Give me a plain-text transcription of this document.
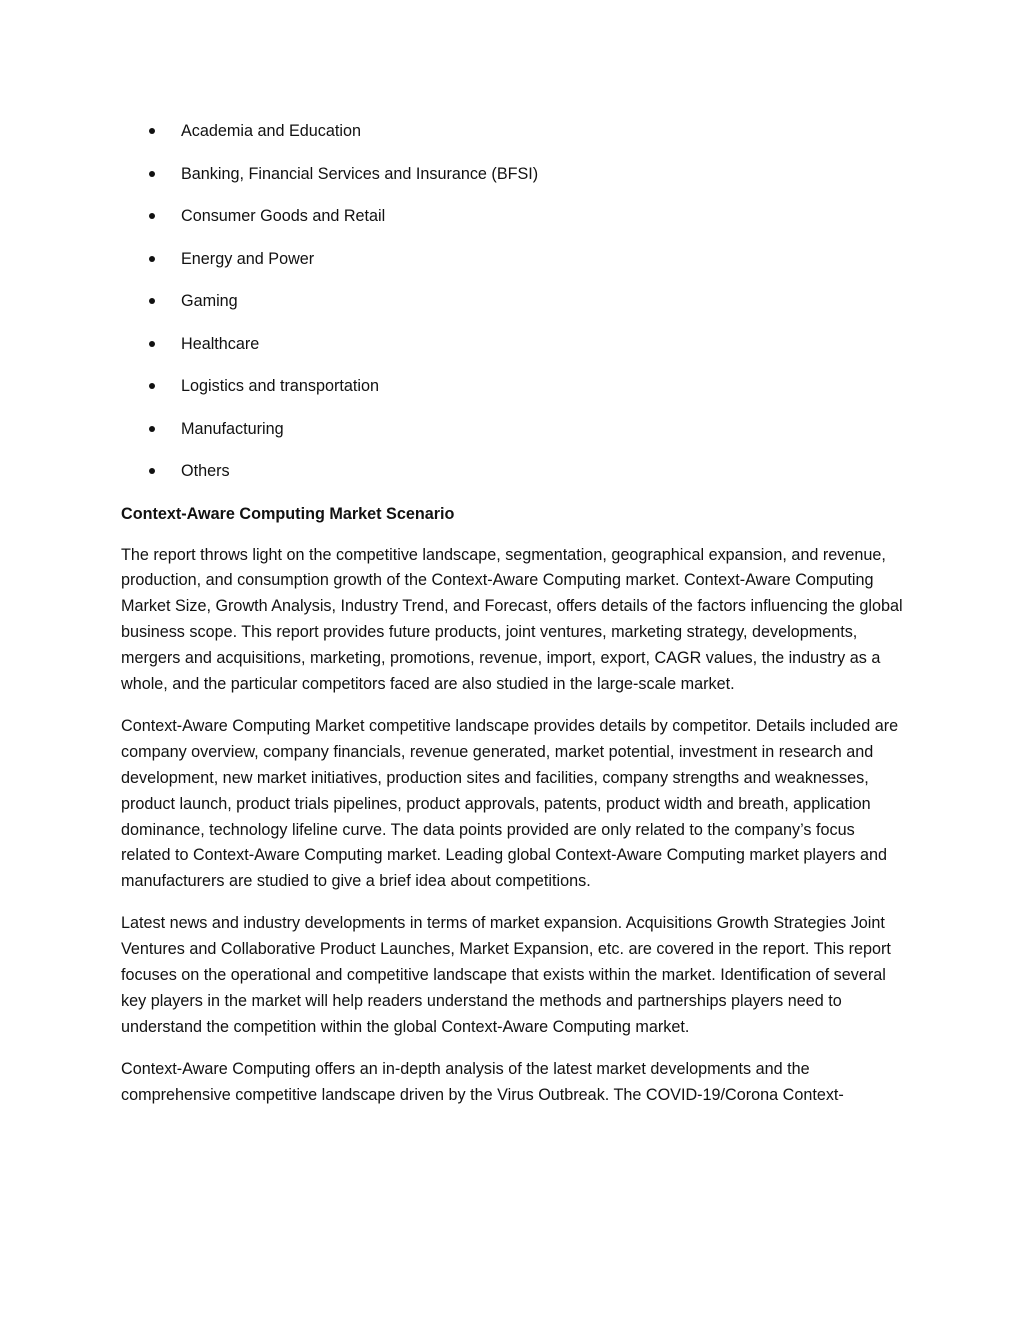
Academia and Education
Banking, Financial Services and Insurance (BFSI)
Consumer Goods and Retail
Energy and Power
Gaming
Healthcare
Logistics and transportation
Manufacturing
Others
Context-Aware Computing Market Scenario

The report throws light on the competitive landscape, segmentation, geographical expansion, and revenue, production, and consumption growth of the Context-Aware Computing market. Context-Aware Computing Market Size, Growth Analysis, Industry Trend, and Forecast, offers details of the factors influencing the global business scope. This report provides future products, joint ventures, marketing strategy, developments, mergers and acquisitions, marketing, promotions, revenue, import, export, CAGR values, the industry as a whole, and the particular competitors faced are also studied in the large-scale market.

Context-Aware Computing Market competitive landscape provides details by competitor. Details included are company overview, company financials, revenue generated, market potential, investment in research and development, new market initiatives, production sites and facilities, company strengths and weaknesses, product launch, product trials pipelines, product approvals, patents, product width and breath, application dominance, technology lifeline curve. The data points provided are only related to the company’s focus related to Context-Aware Computing market. Leading global Context-Aware Computing market players and manufacturers are studied to give a brief idea about competitions.

Latest news and industry developments in terms of market expansion. Acquisitions Growth Strategies Joint Ventures and Collaborative Product Launches, Market Expansion, etc. are covered in the report. This report focuses on the operational and competitive landscape that exists within the market. Identification of several key players in the market will help readers understand the methods and partnerships players need to understand the competition within the global Context-Aware Computing market.

Context-Aware Computing offers an in-depth analysis of the latest market developments and the comprehensive competitive landscape driven by the Virus Outbreak. The COVID-19/Corona Context-
